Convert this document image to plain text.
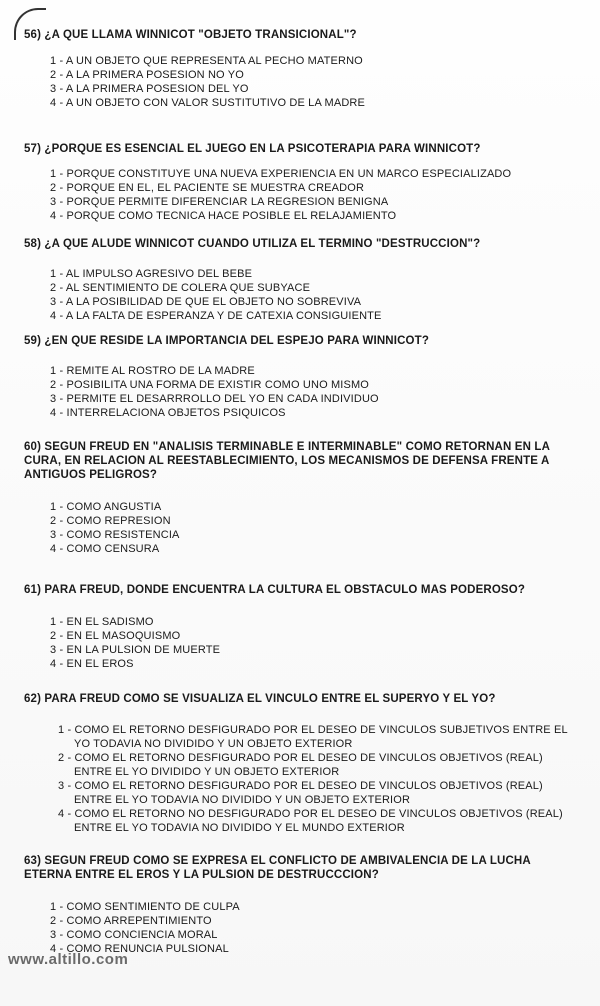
56) ¿A QUE LLAMA WINNICOT "OBJETO TRANSICIONAL"?

1 - A UN OBJETO QUE REPRESENTA AL PECHO MATERNO
2 - A LA PRIMERA POSESION NO YO
3 - A LA PRIMERA POSESION DEL YO
4 - A UN OBJETO CON VALOR SUSTITUTIVO DE LA MADRE

57) ¿PORQUE ES ESENCIAL EL JUEGO EN LA PSICOTERAPIA PARA WINNICOT?

1 - PORQUE CONSTITUYE UNA NUEVA EXPERIENCIA EN UN MARCO ESPECIALIZADO
2 - PORQUE EN EL, EL PACIENTE SE MUESTRA CREADOR
3 - PORQUE PERMITE DIFERENCIAR LA REGRESION BENIGNA
4 - PORQUE COMO TECNICA HACE POSIBLE EL RELAJAMIENTO

58) ¿A QUE ALUDE WINNICOT CUANDO UTILIZA EL TERMINO "DESTRUCCION"?

1 - AL IMPULSO AGRESIVO DEL BEBE
2 - AL SENTIMIENTO DE COLERA QUE SUBYACE
3 - A LA POSIBILIDAD DE QUE EL OBJETO NO SOBREVIVA
4 - A LA FALTA DE ESPERANZA Y DE CATEXIA CONSIGUIENTE

59) ¿EN QUE RESIDE LA IMPORTANCIA DEL ESPEJO PARA WINNICOT?

1 - REMITE AL ROSTRO DE LA MADRE
2 - POSIBILITA UNA FORMA DE EXISTIR COMO UNO MISMO
3 - PERMITE EL DESARRROLLO DEL YO EN CADA INDIVIDUO
4 - INTERRELACIONA OBJETOS PSIQUICOS

60) SEGUN FREUD EN "ANALISIS TERMINABLE E INTERMINABLE" COMO RETORNAN EN LA CURA, EN RELACION AL REESTABLECIMIENTO, LOS MECANISMOS DE DEFENSA FRENTE A ANTIGUOS PELIGROS?

1 - COMO ANGUSTIA
2 - COMO REPRESION
3 - COMO RESISTENCIA
4 - COMO CENSURA

61) PARA FREUD, DONDE ENCUENTRA LA CULTURA EL OBSTACULO MAS PODEROSO?

1 - EN EL SADISMO
2 - EN EL MASOQUISMO
3 - EN LA PULSION DE MUERTE
4 - EN EL EROS

62) PARA FREUD COMO SE VISUALIZA EL VINCULO ENTRE EL SUPERYO Y EL YO?

1 - COMO EL RETORNO DESFIGURADO POR EL DESEO DE VINCULOS SUBJETIVOS ENTRE EL YO TODAVIA NO DIVIDIDO Y UN OBJETO EXTERIOR
2 - COMO EL RETORNO DESFIGURADO POR EL DESEO DE VINCULOS OBJETIVOS (REAL) ENTRE EL YO DIVIDIDO Y UN OBJETO EXTERIOR
3 - COMO EL RETORNO DESFIGURADO POR EL DESEO DE VINCULOS OBJETIVOS (REAL) ENTRE EL YO TODAVIA NO DIVIDIDO Y UN OBJETO EXTERIOR
4 - COMO EL RETORNO NO DESFIGURADO POR EL DESEO DE VINCULOS OBJETIVOS (REAL) ENTRE EL YO TODAVIA NO DIVIDIDO Y EL MUNDO EXTERIOR

63) SEGUN FREUD COMO SE EXPRESA EL CONFLICTO DE AMBIVALENCIA DE LA LUCHA ETERNA ENTRE EL EROS Y LA PULSION DE DESTRUCCCION?

1 - COMO SENTIMIENTO DE CULPA
2 - COMO ARREPENTIMIENTO
3 - COMO CONCIENCIA MORAL
4 - COMO RENUNCIA PULSIONAL
www.altillo.com
